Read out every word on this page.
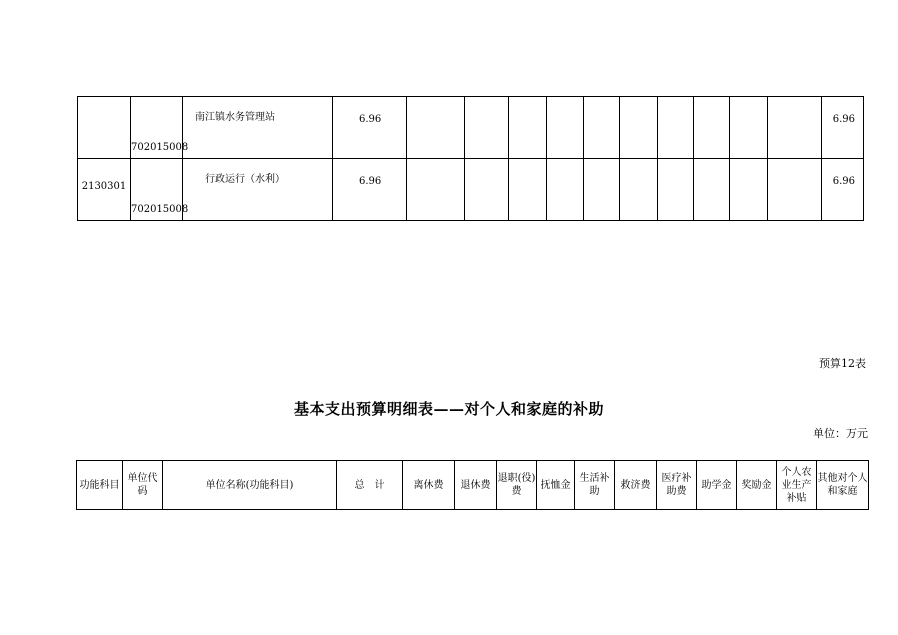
	702015008	南江镇水务管理站	6.96											6.96
2130301	702015008	行政运行（水利）	6.96											6.96
预算12表
基本支出预算明细表——对个人和家庭的补助
单位：万元
功能科目	单位代码	单位名称(功能科目)	总　计	离休费	退休费	退职(役)费	抚恤金	生活补助	救济费	医疗补助费	助学金	奖励金	个人农业生产补贴	其他对个人和家庭
